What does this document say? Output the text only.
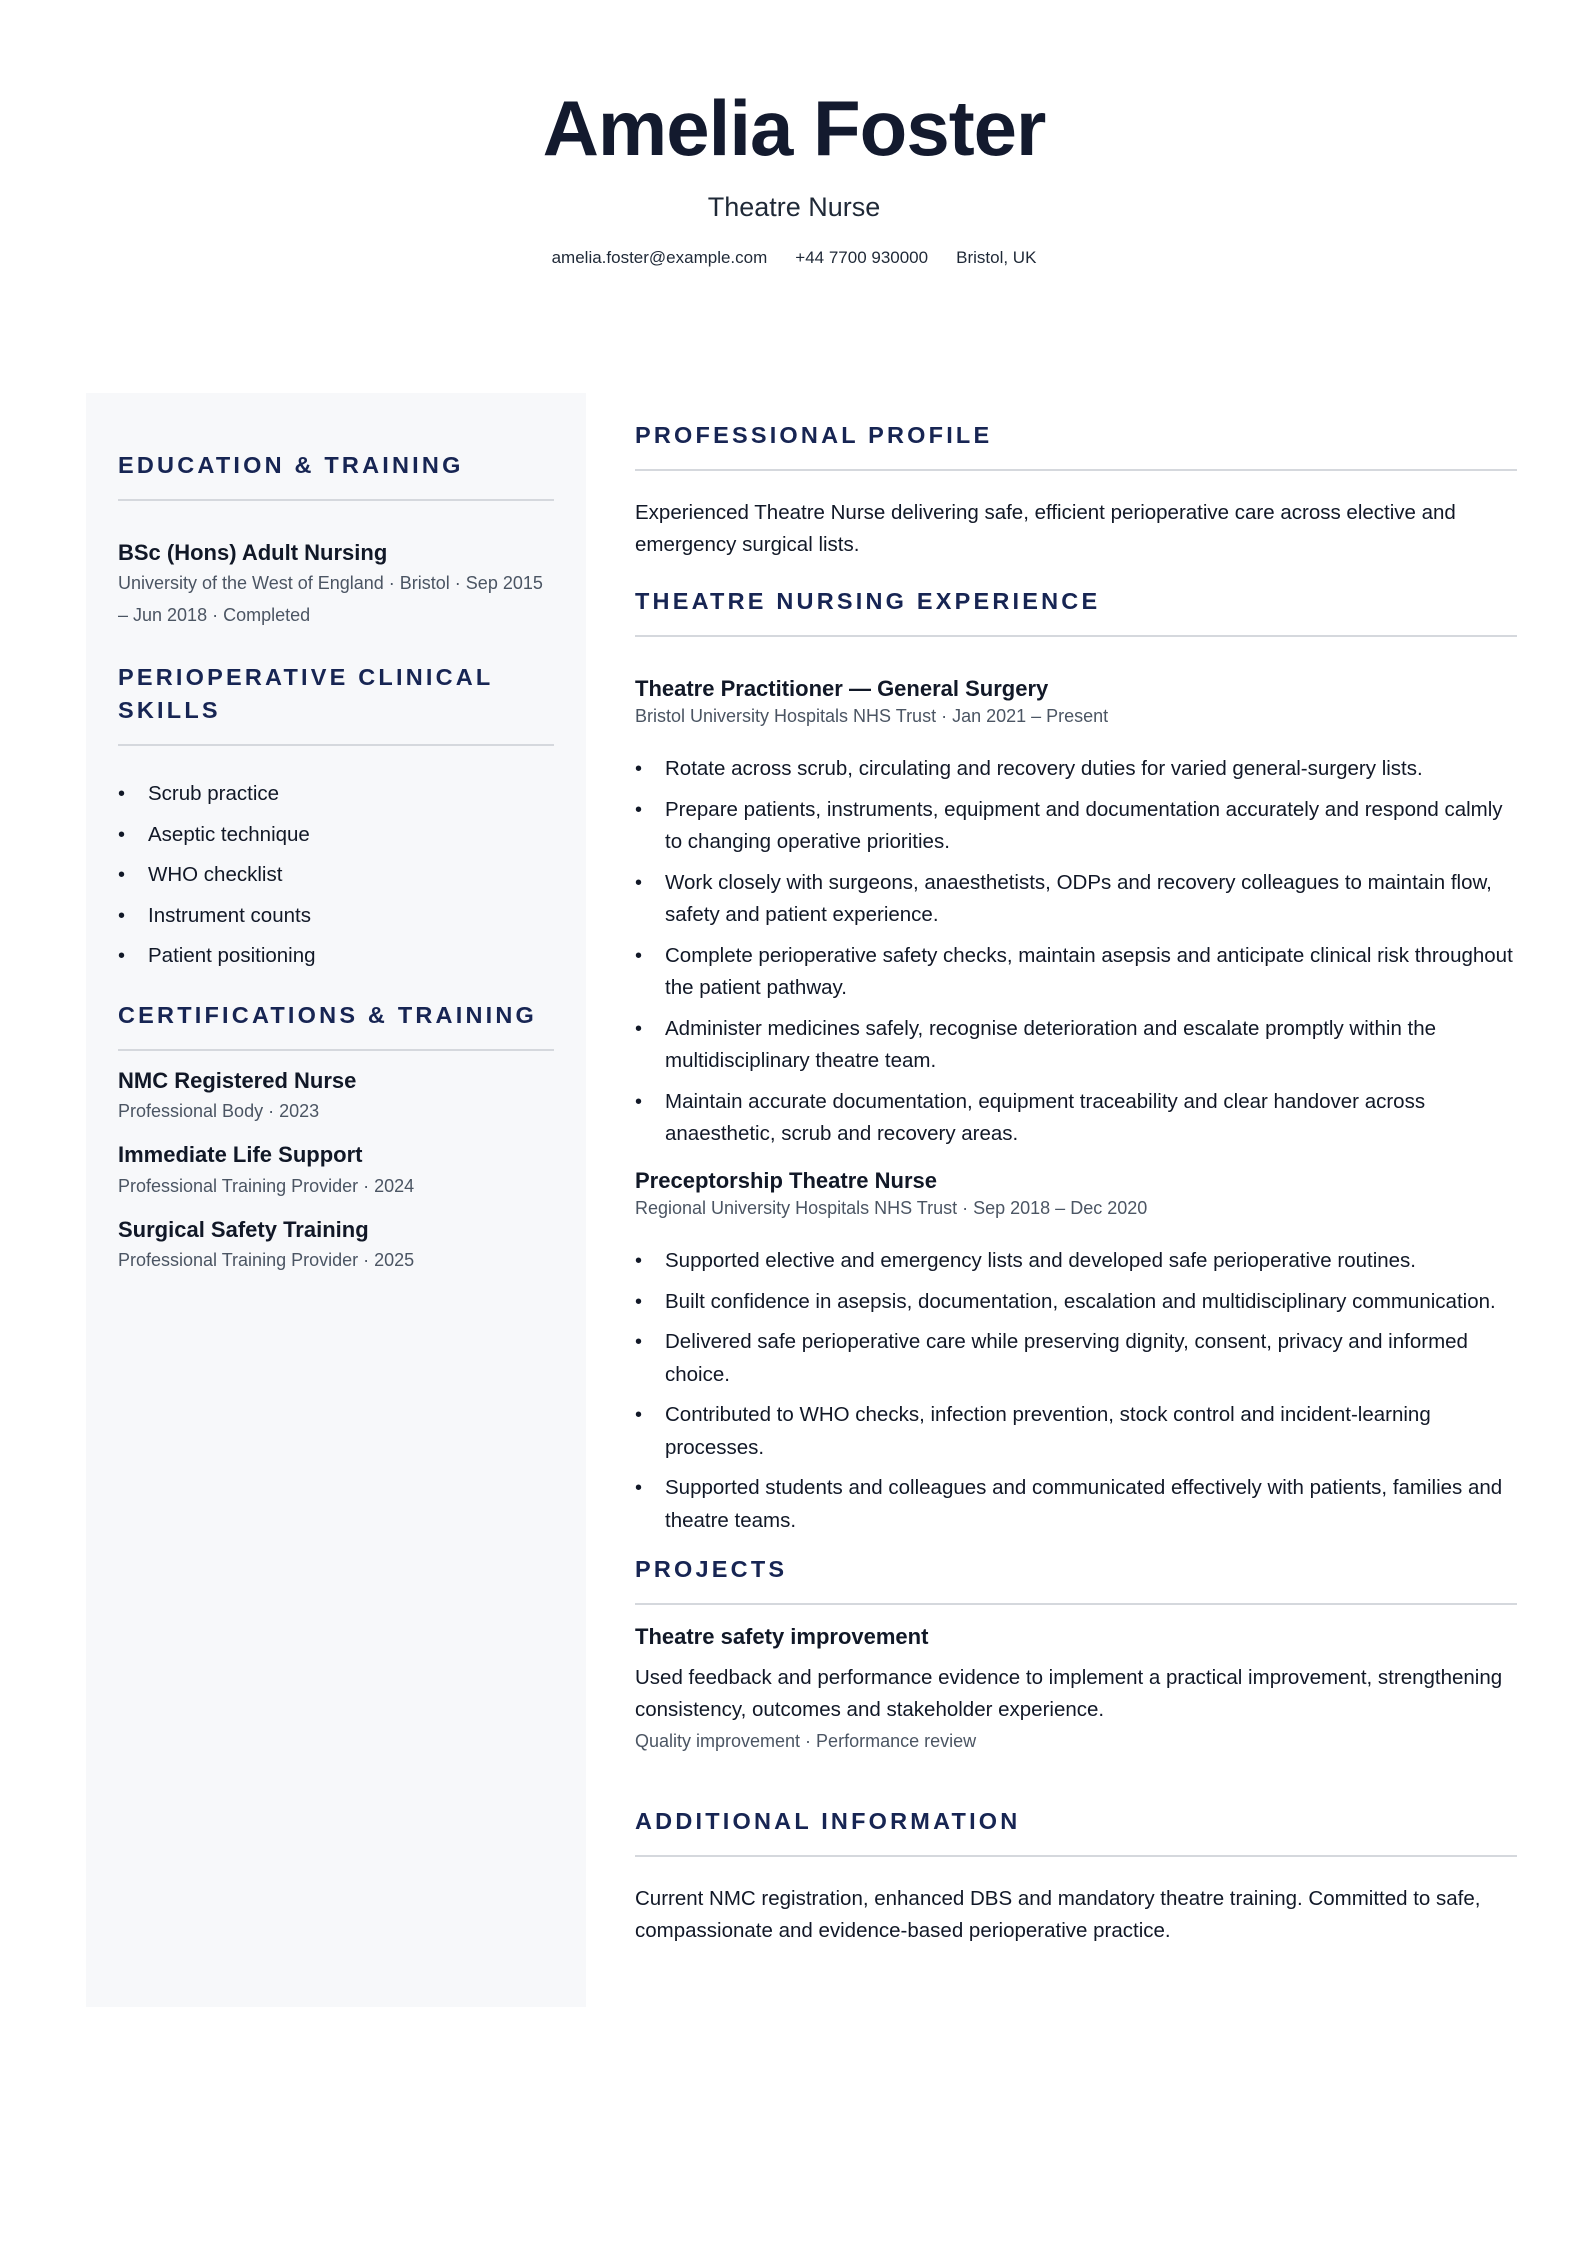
Amelia Foster
Theatre Nurse
amelia.foster@example.com +44 7700 930000 Bristol, UK
EDUCATION & TRAINING
BSc (Hons) Adult Nursing
University of the West of England · Bristol · Sep 2015 – Jun 2018 · Completed
PERIOPERATIVE CLINICAL SKILLS
• Scrub practice
• Aseptic technique
• WHO checklist
• Instrument counts
• Patient positioning
CERTIFICATIONS & TRAINING
NMC Registered Nurse
Professional Body · 2023
Immediate Life Support
Professional Training Provider · 2024
Surgical Safety Training
Professional Training Provider · 2025
PROFESSIONAL PROFILE
Experienced Theatre Nurse delivering safe, efficient perioperative care across elective and emergency surgical lists.
THEATRE NURSING EXPERIENCE
Theatre Practitioner — General Surgery
Bristol University Hospitals NHS Trust · Jan 2021 – Present
• Rotate across scrub, circulating and recovery duties for varied general-surgery lists.
• Prepare patients, instruments, equipment and documentation accurately and respond calmly to changing operative priorities.
• Work closely with surgeons, anaesthetists, ODPs and recovery colleagues to maintain flow, safety and patient experience.
• Complete perioperative safety checks, maintain asepsis and anticipate clinical risk throughout the patient pathway.
• Administer medicines safely, recognise deterioration and escalate promptly within the multidisciplinary theatre team.
• Maintain accurate documentation, equipment traceability and clear handover across anaesthetic, scrub and recovery areas.
Preceptorship Theatre Nurse
Regional University Hospitals NHS Trust · Sep 2018 – Dec 2020
• Supported elective and emergency lists and developed safe perioperative routines.
• Built confidence in asepsis, documentation, escalation and multidisciplinary communication.
• Delivered safe perioperative care while preserving dignity, consent, privacy and informed choice.
• Contributed to WHO checks, infection prevention, stock control and incident-learning processes.
• Supported students and colleagues and communicated effectively with patients, families and theatre teams.
PROJECTS
Theatre safety improvement
Used feedback and performance evidence to implement a practical improvement, strengthening consistency, outcomes and stakeholder experience.
Quality improvement · Performance review
ADDITIONAL INFORMATION
Current NMC registration, enhanced DBS and mandatory theatre training. Committed to safe, compassionate and evidence-based perioperative practice.
